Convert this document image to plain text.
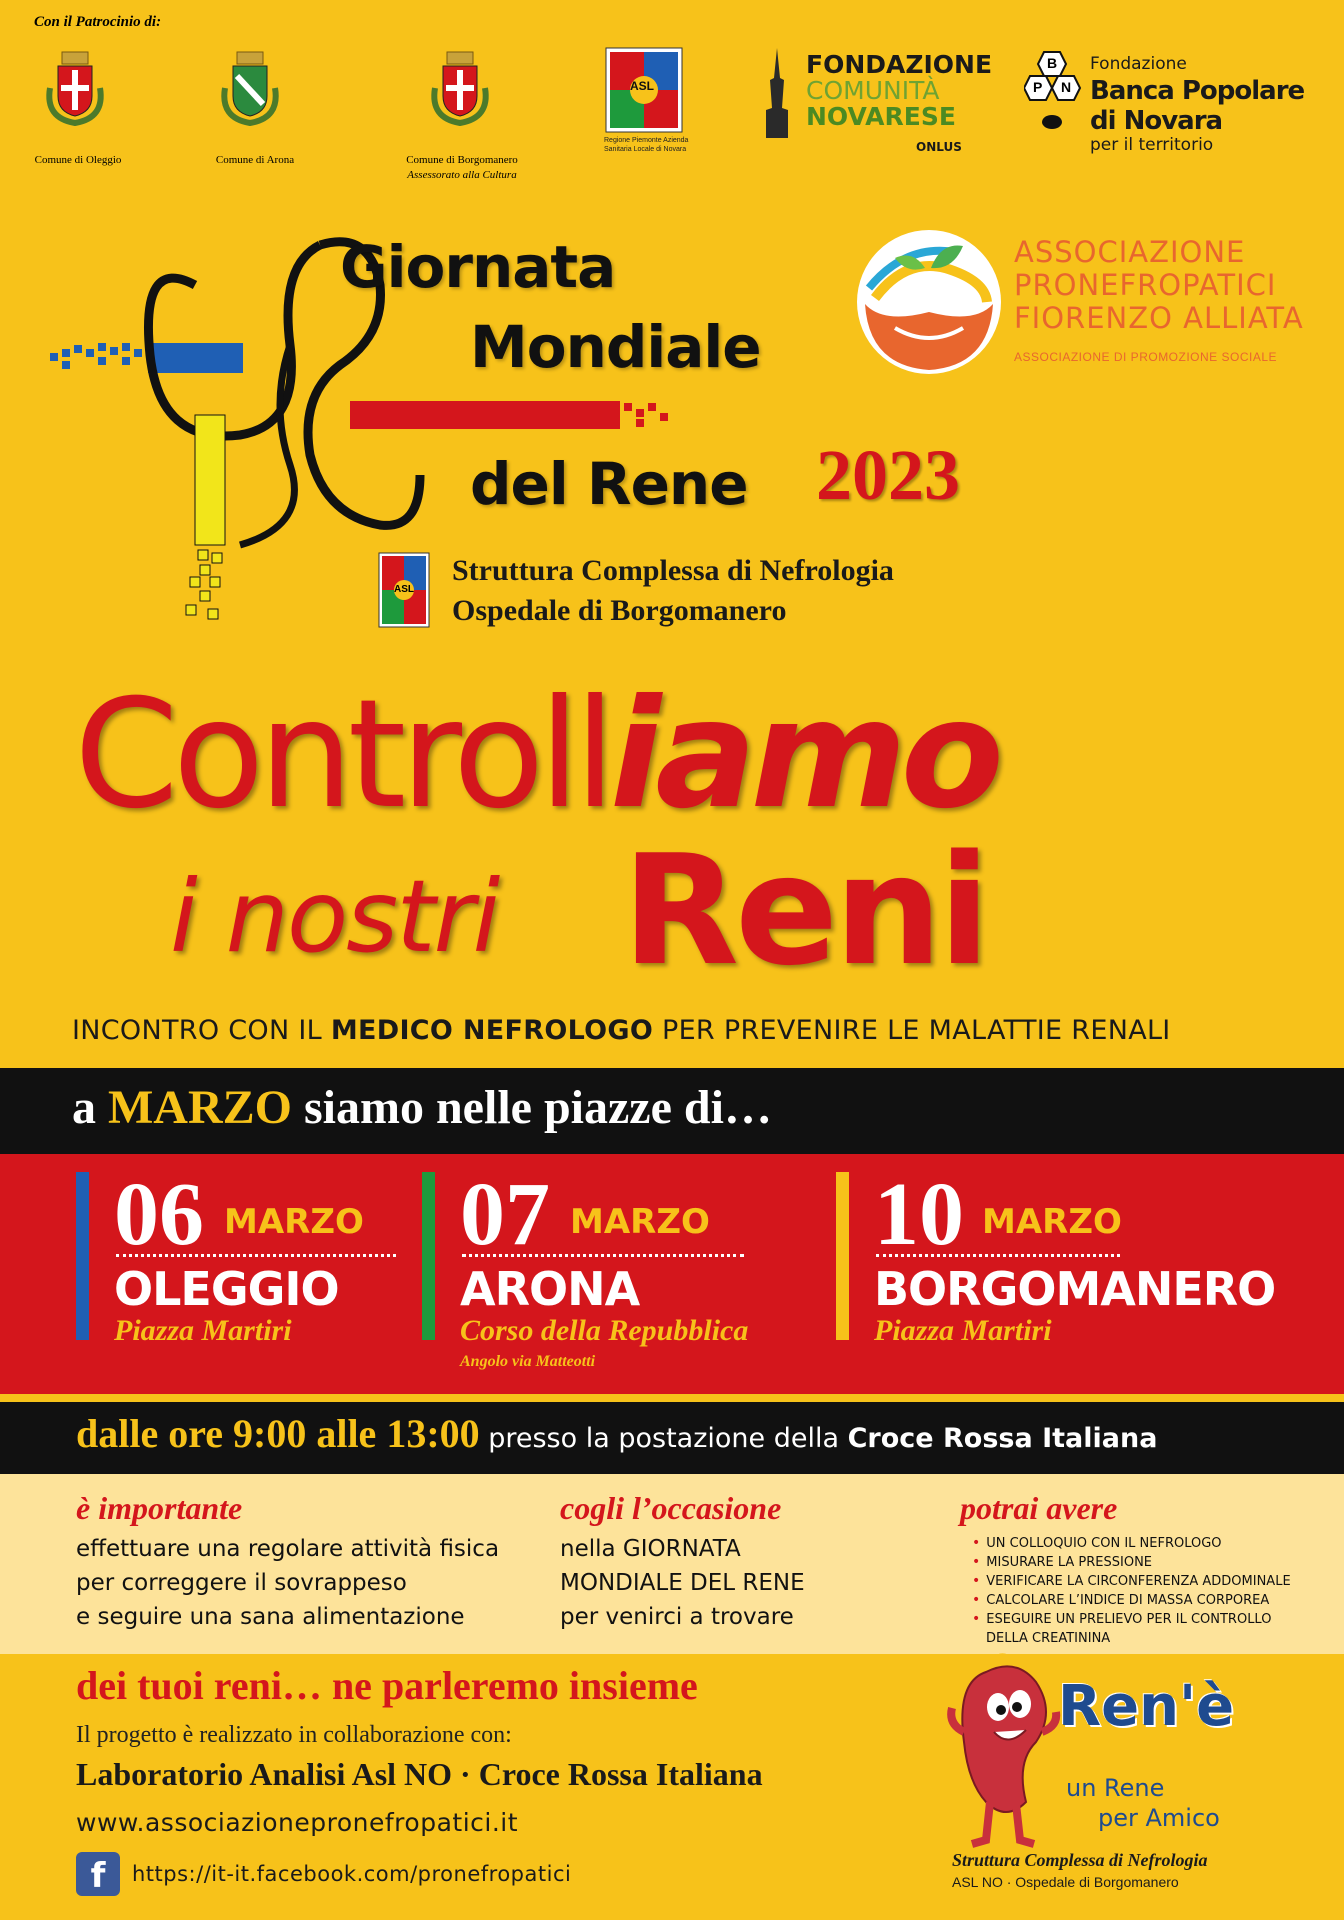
Con il Patrocinio di:
Comune di Oleggio	Comune di Arona	Comune di Borgomanero
Assessorato alla Cultura
ASL
Regione Piemonte Azienda Sanitaria Locale di Novara
FONDAZIONE
COMUNITÀ
NOVARESE
ONLUS
B
P N
Fondazione
Banca Popolare
di Novara
per il territorio
Giornata
Mondiale
del Rene 2023
ASL
Struttura Complessa di Nefrologia
Ospedale di Borgomanero
ASSOCIAZIONE
PRONEFROPATICI
FIORENZO ALLIATA
ASSOCIAZIONE DI PROMOZIONE SOCIALE
Controlliamo
i nostri Reni
INCONTRO CON IL MEDICO NEFROLOGO PER PREVENIRE LE MALATTIE RENALI
a MARZO siamo nelle piazze di…
06 MARZO
OLEGGIO
Piazza Martiri
07 MARZO
ARONA
Corso della Repubblica
Angolo via Matteotti
10 MARZO
BORGOMANERO
Piazza Martiri
dalle ore 9:00 alle 13:00 presso la postazione della Croce Rossa Italiana
è importante
effettuare una regolare attività fisica
per correggere il sovrappeso
e seguire una sana alimentazione
cogli l’occasione
nella GIORNATA
MONDIALE DEL RENE
per venirci a trovare
potrai avere
• UN COLLOQUIO CON IL NEFROLOGO
• MISURARE LA PRESSIONE
• VERIFICARE LA CIRCONFERENZA ADDOMINALE
• CALCOLARE L’INDICE DI MASSA CORPOREA
• ESEGUIRE UN PRELIEVO PER IL CONTROLLO
DELLA CREATININA
dei tuoi reni… ne parleremo insieme
Il progetto è realizzato in collaborazione con:
Laboratorio Analisi Asl NO · Croce Rossa Italiana
www.associazionepronefropatici.it
f	https://it-it.facebook.com/pronefropatici
Ren'è
un Rene
per Amico
Struttura Complessa di Nefrologia
ASL NO · Ospedale di Borgomanero
